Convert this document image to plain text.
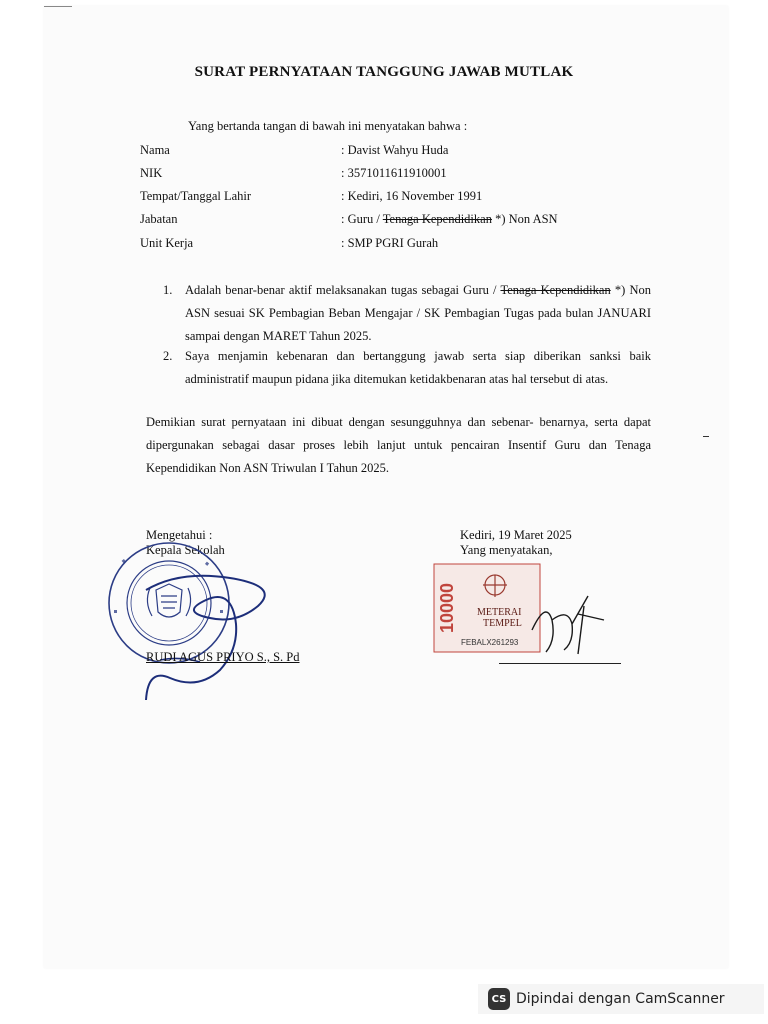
SURAT PERNYATAAN TANGGUNG JAWAB MUTLAK
Yang bertanda tangan di bawah ini menyatakan bahwa :
Nama	: Davist Wahyu Huda
NIK	: 3571011611910001
Tempat/Tanggal Lahir	: Kediri, 16 November 1991
Jabatan	: Guru / Tenaga Kependidikan *) Non ASN
Unit Kerja	: SMP PGRI Gurah
1. Adalah benar-benar aktif melaksanakan tugas sebagai Guru / Tenaga Kependidikan *) Non ASN sesuai SK Pembagian Beban Mengajar / SK Pembagian Tugas pada bulan JANUARI sampai dengan MARET Tahun 2025.
2. Saya menjamin kebenaran dan bertanggung jawab serta siap diberikan sanksi baik administratif maupun pidana jika ditemukan ketidakbenaran atas hal tersebut di atas.
Demikian surat pernyataan ini dibuat dengan sesungguhnya dan sebenar- benarnya, serta dapat dipergunakan sebagai dasar proses lebih lanjut untuk pencairan Insentif Guru dan Tenaga Kependidikan Non ASN Triwulan I Tahun 2025.
Mengetahui :
Kepala Sekolah
RUDI AGUS PRIYO S., S. Pd
Kediri, 19 Maret 2025
Yang menyatakan,
10000 METERAI
TEMPEL
FEBALX261293
CS Dipindai dengan CamScanner
